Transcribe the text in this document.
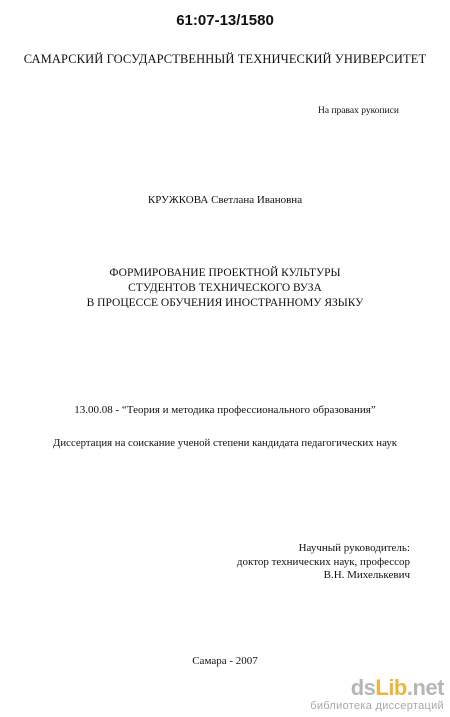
61:07-13/1580
САМАРСКИЙ ГОСУДАРСТВЕННЫЙ ТЕХНИЧЕСКИЙ УНИВЕРСИТЕТ
На правах рукописи
КРУЖКОВА Светлана Ивановна
ФОРМИРОВАНИЕ ПРОЕКТНОЙ КУЛЬТУРЫ
СТУДЕНТОВ ТЕХНИЧЕСКОГО ВУЗА
В ПРОЦЕССЕ ОБУЧЕНИЯ ИНОСТРАННОМУ ЯЗЫКУ
13.00.08 - “Теория и методика профессионального образования”
Диссертация на соискание ученой степени кандидата педагогических наук
Научный руководитель:
доктор технических наук, профессор
В.Н. Михелькевич
Самара - 2007
dsLib.net
библиотека диссертаций
